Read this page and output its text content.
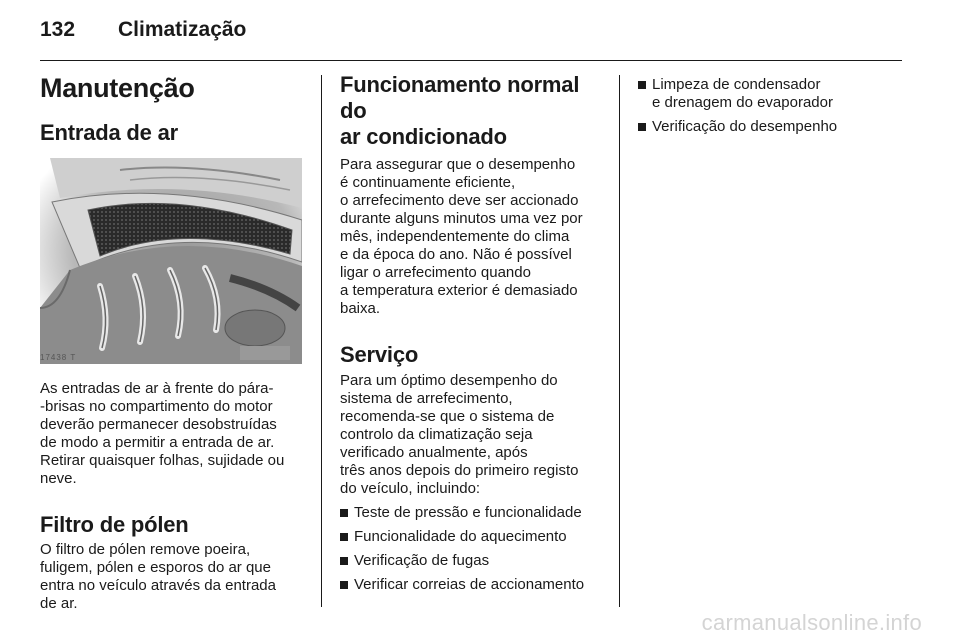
132	Climatização
Manutenção
Entrada de ar
17438 T

As entradas de ar à frente do pára-
-brisas no compartimento do motor
deverão permanecer desobstruídas
de modo a permitir a entrada de ar.
Retirar quaisquer folhas, sujidade ou
neve.

Filtro de pólen

O filtro de pólen remove poeira,
fuligem, pólen e esporos do ar que
entra no veículo através da entrada
de ar.

Funcionamento normal do
ar condicionado

Para assegurar que o desempenho
é continuamente eficiente,
o arrefecimento deve ser accionado
durante alguns minutos uma vez por
mês, independentemente do clima
e da época do ano. Não é possível
ligar o arrefecimento quando
a temperatura exterior é demasiado
baixa.

Serviço

Para um óptimo desempenho do
sistema de arrefecimento,
recomenda-se que o sistema de
controlo da climatização seja
verificado anualmente, após
três anos depois do primeiro registo
do veículo, incluindo:

Teste de pressão e funcionalidade
Funcionalidade do aquecimento
Verificação de fugas
Verificar correias de accionamento
Limpeza de condensador
e drenagem do evaporador
Verificação do desempenho
carmanualsonline.info
